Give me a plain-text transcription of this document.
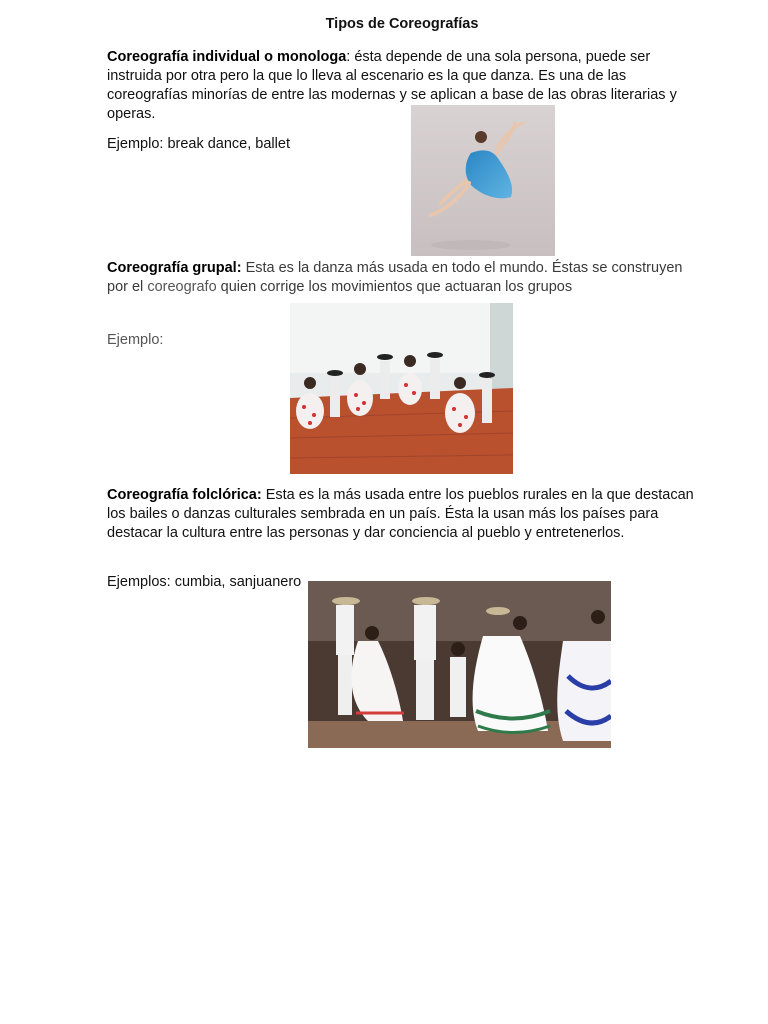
Tipos de Coreografías
Coreografía individual o monologa: ésta depende de una sola persona, puede ser instruida por otra pero la que lo lleva al escenario es la que danza. Es una de las coreografías minorías de entre las modernas y se aplican a base de las obras literarias y operas.
Ejemplo: break dance, ballet
Coreografía grupal: Esta es la danza más usada en todo el mundo. Éstas se construyen por el coreografo quien corrige los movimientos que actuaran los grupos
Ejemplo:
Coreografía folclórica: Esta es la más usada entre los pueblos rurales en la que destacan los bailes o danzas culturales sembrada en un país. Ésta la usan más los países para destacar la cultura entre las personas y dar conciencia al pueblo y entretenerlos.
Ejemplos: cumbia, sanjuanero
